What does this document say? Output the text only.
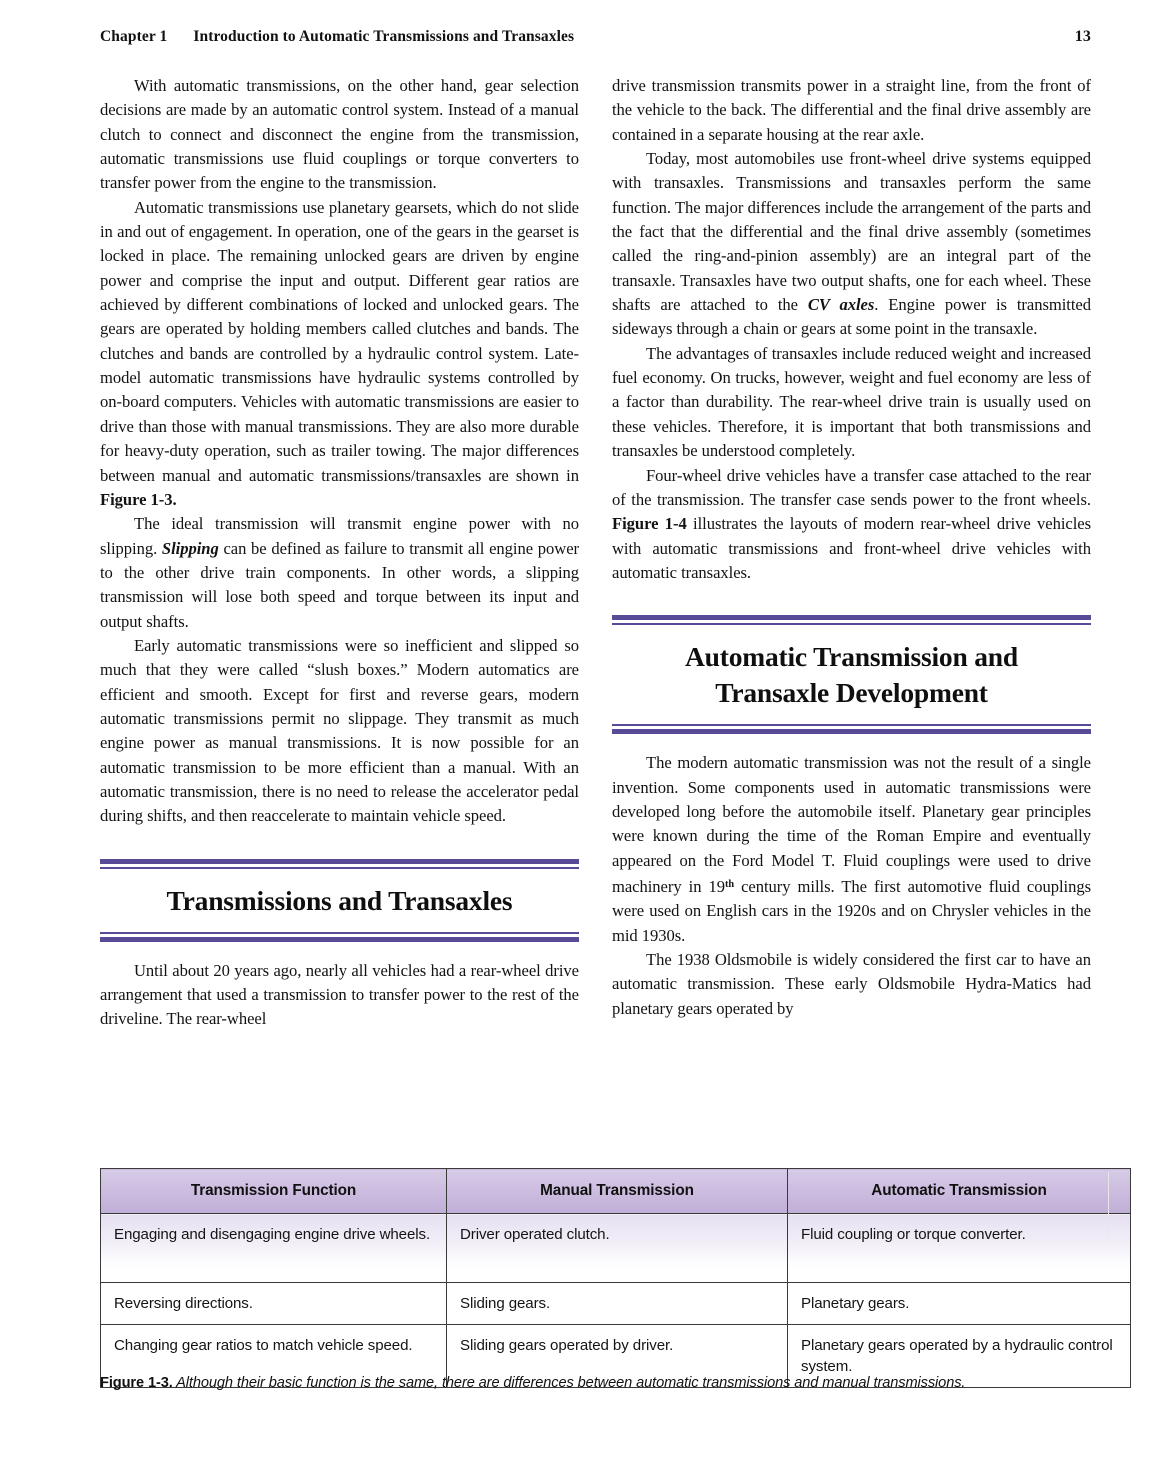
Chapter 1 Introduction to Automatic Transmissions and Transaxles	13

With automatic transmissions, on the other hand, gear selection decisions are made by an automatic control system. Instead of a manual clutch to connect and disconnect the engine from the transmission, automatic transmissions use fluid couplings or torque converters to transfer power from the engine to the transmission.

Automatic transmissions use planetary gearsets, which do not slide in and out of engagement. In operation, one of the gears in the gearset is locked in place. The remaining unlocked gears are driven by engine power and comprise the input and output. Different gear ratios are achieved by different combinations of locked and unlocked gears. The gears are operated by holding members called clutches and bands. The clutches and bands are controlled by a hydraulic control system. Late-model automatic transmissions have hydraulic systems controlled by on-board computers. Vehicles with automatic transmissions are easier to drive than those with manual transmissions. They are also more durable for heavy-duty operation, such as trailer towing. The major differences between manual and automatic transmissions/transaxles are shown in Figure 1-3.

The ideal transmission will transmit engine power with no slipping. Slipping can be defined as failure to transmit all engine power to the other drive train components. In other words, a slipping transmission will lose both speed and torque between its input and output shafts.

Early automatic transmissions were so inefficient and slipped so much that they were called “slush boxes.” Modern automatics are efficient and smooth. Except for first and reverse gears, modern automatic transmissions permit no slippage. They transmit as much engine power as manual transmissions. It is now possible for an automatic transmission to be more efficient than a manual. With an automatic transmission, there is no need to release the accelerator pedal during shifts, and then reaccelerate to maintain vehicle speed.

Transmissions and Transaxles

Until about 20 years ago, nearly all vehicles had a rear-wheel drive arrangement that used a transmission to transfer power to the rest of the driveline. The rear-wheel

drive transmission transmits power in a straight line, from the front of the vehicle to the back. The differential and the final drive assembly are contained in a separate housing at the rear axle.

Today, most automobiles use front-wheel drive systems equipped with transaxles. Transmissions and transaxles perform the same function. The major differences include the arrangement of the parts and the fact that the differential and the final drive assembly (sometimes called the ring-and-pinion assembly) are an integral part of the transaxle. Transaxles have two output shafts, one for each wheel. These shafts are attached to the CV axles. Engine power is transmitted sideways through a chain or gears at some point in the transaxle.

The advantages of transaxles include reduced weight and increased fuel economy. On trucks, however, weight and fuel economy are less of a factor than durability. The rear-wheel drive train is usually used on these vehicles. Therefore, it is important that both transmissions and transaxles be understood completely.

Four-wheel drive vehicles have a transfer case attached to the rear of the transmission. The transfer case sends power to the front wheels. Figure 1-4 illustrates the layouts of modern rear-wheel drive vehicles with automatic transmissions and front-wheel drive vehicles with automatic transaxles.

Automatic Transmission and
Transaxle Development

The modern automatic transmission was not the result of a single invention. Some components used in automatic transmissions were developed long before the automobile itself. Planetary gear principles were known during the time of the Roman Empire and eventually appeared on the Ford Model T. Fluid couplings were used to drive machinery in 19th century mills. The first automotive fluid couplings were used on English cars in the 1920s and on Chrysler vehicles in the mid 1930s.

The 1938 Oldsmobile is widely considered the first car to have an automatic transmission. These early Oldsmobile Hydra-Matics had planetary gears operated by

Transmission Function	Manual Transmission	Automatic Transmission
Engaging and disengaging engine drive wheels.	Driver operated clutch.	Fluid coupling or torque converter.
Reversing directions.	Sliding gears.	Planetary gears.
Changing gear ratios to match vehicle speed.	Sliding gears operated by driver.	Planetary gears operated by a hydraulic control system.
Figure 1-3. Although their basic function is the same, there are differences between automatic transmissions and manual transmissions.
